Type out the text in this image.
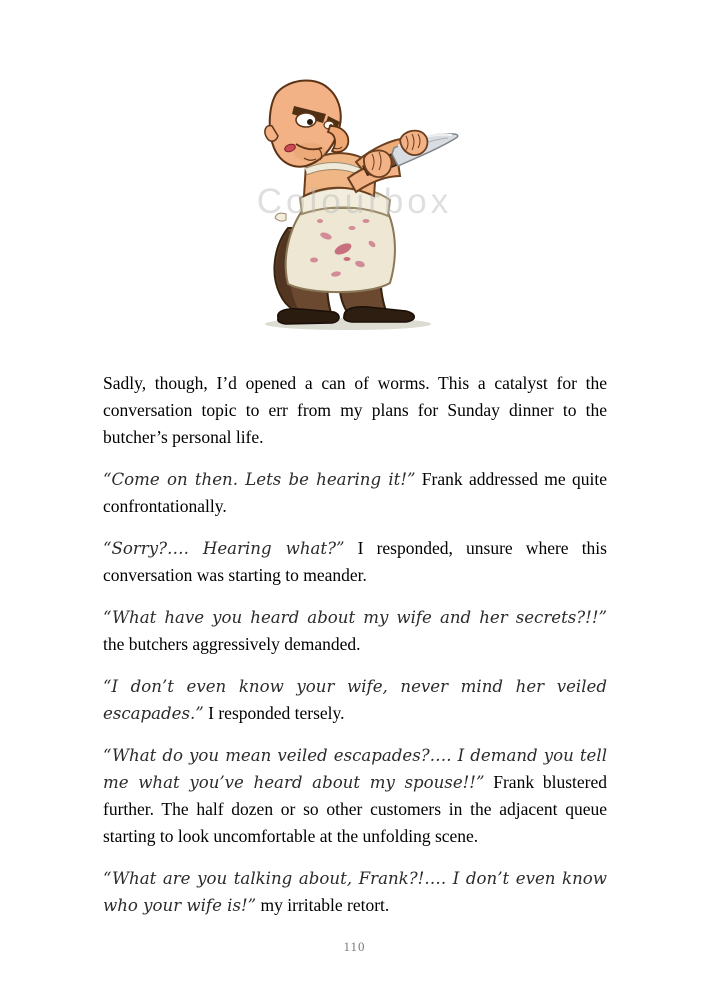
Colourbox

Sadly, though, I’d opened a can of worms. This a catalyst for the conversation topic to err from my plans for Sunday dinner to the butcher’s personal life.

“Come on then. Lets be hearing it!” Frank addressed me quite confrontationally.

“Sorry?…. Hearing what?” I responded, unsure where this conversation was starting to meander.

“What have you heard about my wife and her secrets?!!” the butchers aggressively demanded.

“I don’t even know your wife, never mind her veiled escapades.” I responded tersely.

“What do you mean veiled escapades?…. I demand you tell me what you’ve heard about my spouse!!” Frank blustered further. The half dozen or so other customers in the adjacent queue starting to look uncomfortable at the unfolding scene.

“What are you talking about, Frank?!…. I don’t even know who your wife is!” my irritable retort.

110
